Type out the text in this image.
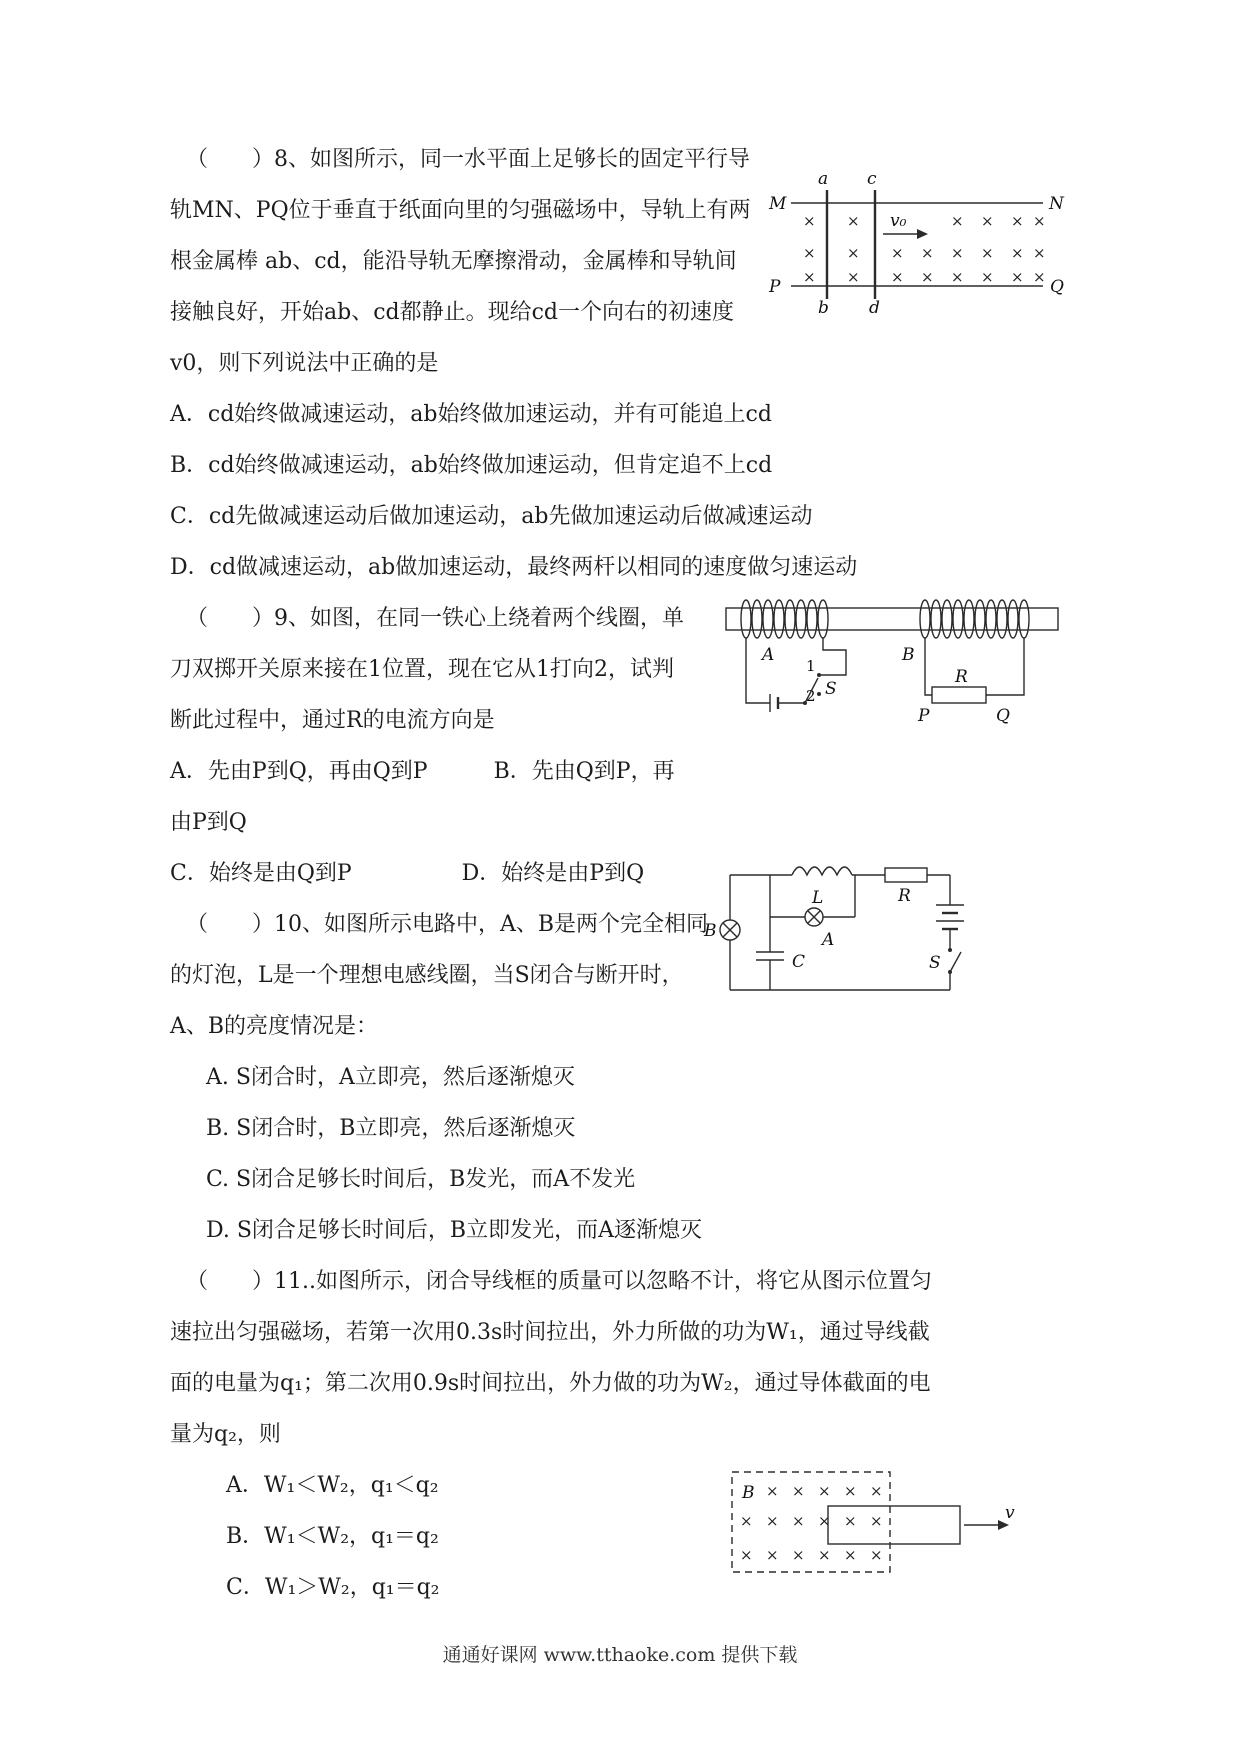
（　　）8、如图所示，同一水平面上足够长的固定平行导
轨MN、PQ位于垂直于纸面向里的匀强磁场中，导轨上有两
根金属棒 ab、cd，能沿导轨无摩擦滑动，金属棒和导轨间
接触良好，开始ab、cd都静止。现给cd一个向右的初速度
v0，则下列说法中正确的是
A．cd始终做减速运动，ab始终做加速运动，并有可能追上cd
B．cd始终做减速运动，ab始终做加速运动，但肯定追不上cd
C．cd先做减速运动后做加速运动，ab先做加速运动后做减速运动
D．cd做减速运动，ab做加速运动，最终两杆以相同的速度做匀速运动
（　　）9、如图，在同一铁心上绕着两个线圈，单
刀双掷开关原来接在1位置，现在它从1打向2，试判
断此过程中，通过R的电流方向是
A．先由P到Q，再由Q到P　　　B．先由Q到P，再
由P到Q
C．始终是由Q到P　　　　　D．始终是由P到Q
（　　）10、如图所示电路中，A、B是两个完全相同
的灯泡，L是一个理想电感线圈，当S闭合与断开时，
A、B的亮度情况是：
A. S闭合时，A立即亮，然后逐渐熄灭
B. S闭合时，B立即亮，然后逐渐熄灭
C. S闭合足够长时间后，B发光，而A不发光
D. S闭合足够长时间后，B立即发光，而A逐渐熄灭
（　　）11..如图所示，闭合导线框的质量可以忽略不计，将它从图示位置匀
速拉出匀强磁场，若第一次用0.3s时间拉出，外力所做的功为W₁，通过导线截
面的电量为q₁；第二次用0.9s时间拉出，外力做的功为W₂，通过导体截面的电
量为q₂，则
A．W₁＜W₂，q₁＜q₂
B．W₁＜W₂，q₁＝q₂
C．W₁＞W₂，q₁＝q₂
× ×	× × × ×
× × × × × × × ×
× × × × × × × ×
M	N
P	Q
a c
b d
v₀
A
1
2 S
B
R
P	Q
L	R
B	A
C	S
× × × × ×
× × × × × ×
× × × × × ×
B
v
通通好课网 www.tthaoke.com 提供下载
